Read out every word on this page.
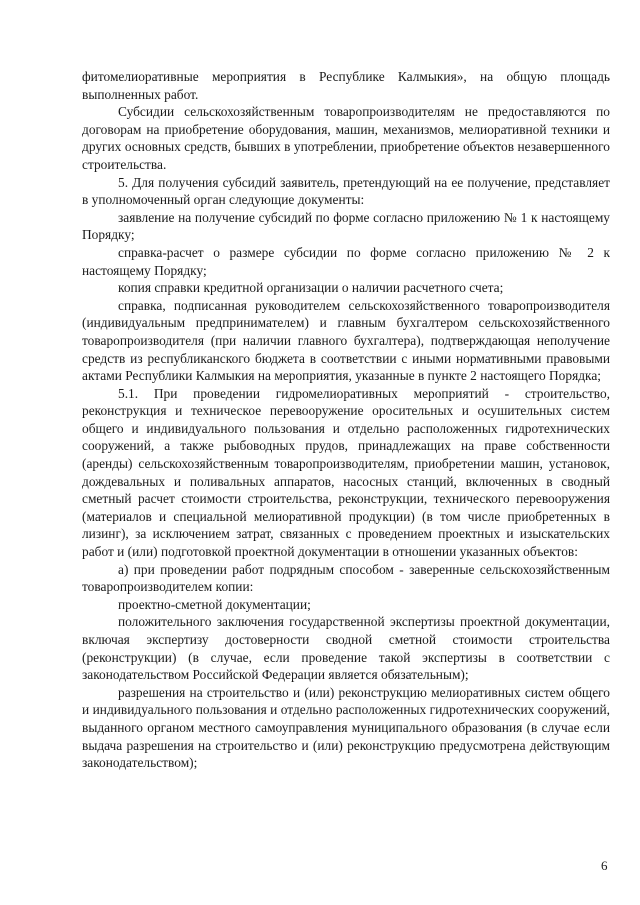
фитомелиоративные мероприятия в Республике Калмыкия», на общую площадь выполненных работ.

Субсидии сельскохозяйственным товаропроизводителям не предоставляются по договорам на приобретение оборудования, машин, механизмов, мелиоративной техники и других основных средств, бывших в употреблении, приобретение объектов незавершенного строительства.

5. Для получения субсидий заявитель, претендующий на ее получение, представляет в уполномоченный орган следующие документы:

заявление на получение субсидий по форме согласно приложению № 1 к настоящему Порядку;

справка-расчет о размере субсидии по форме согласно приложению № 2 к настоящему Порядку;

копия справки кредитной организации о наличии расчетного счета;

справка, подписанная руководителем сельскохозяйственного товаропроизводителя (индивидуальным предпринимателем) и главным бухгалтером сельскохозяйственного товаропроизводителя (при наличии главного бухгалтера), подтверждающая неполучение средств из республиканского бюджета в соответствии с иными нормативными правовыми актами Республики Калмыкия на мероприятия, указанные в пункте 2 настоящего Порядка;

5.1. При проведении гидромелиоративных мероприятий - строительство, реконструкция и техническое перевооружение оросительных и осушительных систем общего и индивидуального пользования и отдельно расположенных гидротехнических сооружений, а также рыбоводных прудов, принадлежащих на праве собственности (аренды) сельскохозяйственным товаропроизводителям, приобретении машин, установок, дождевальных и поливальных аппаратов, насосных станций, включенных в сводный сметный расчет стоимости строительства, реконструкции, технического перевооружения (материалов и специальной мелиоративной продукции) (в том числе приобретенных в лизинг), за исключением затрат, связанных с проведением проектных и изыскательских работ и (или) подготовкой проектной документации в отношении указанных объектов:

а) при проведении работ подрядным способом - заверенные сельскохозяйственным товаропроизводителем копии:

проектно-сметной документации;

положительного заключения государственной экспертизы проектной документации, включая экспертизу достоверности сводной сметной стоимости строительства (реконструкции) (в случае, если проведение такой экспертизы в соответствии с законодательством Российской Федерации является обязательным);

разрешения на строительство и (или) реконструкцию мелиоративных систем общего и индивидуального пользования и отдельно расположенных гидротехнических сооружений, выданного органом местного самоуправления муниципального образования (в случае если выдача разрешения на строительство и (или) реконструкцию предусмотрена действующим законодательством);

6
